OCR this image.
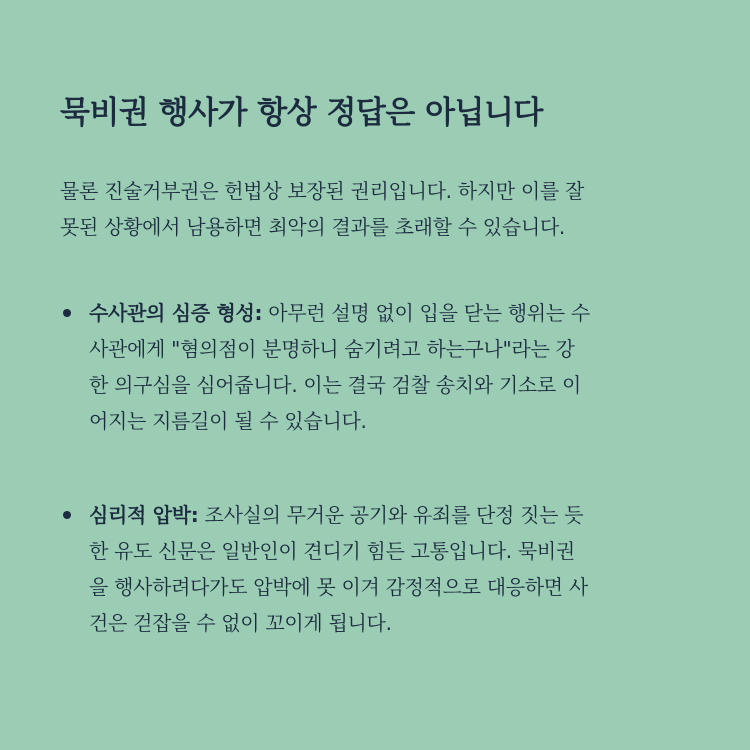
묵비권 행사가 항상 정답은 아닙니다

물론 진술거부권은 헌법상 보장된 권리입니다. 하지만 이를 잘
못된 상황에서 남용하면 최악의 결과를 초래할 수 있습니다.

수사관의 심증 형성: 아무런 설명 없이 입을 닫는 행위는 수
사관에게 "혐의점이 분명하니 숨기려고 하는구나"라는 강
한 의구심을 심어줍니다. 이는 결국 검찰 송치와 기소로 이
어지는 지름길이 될 수 있습니다.
심리적 압박: 조사실의 무거운 공기와 유죄를 단정 짓는 듯
한 유도 신문은 일반인이 견디기 힘든 고통입니다. 묵비권
을 행사하려다가도 압박에 못 이겨 감정적으로 대응하면 사
건은 걷잡을 수 없이 꼬이게 됩니다.
